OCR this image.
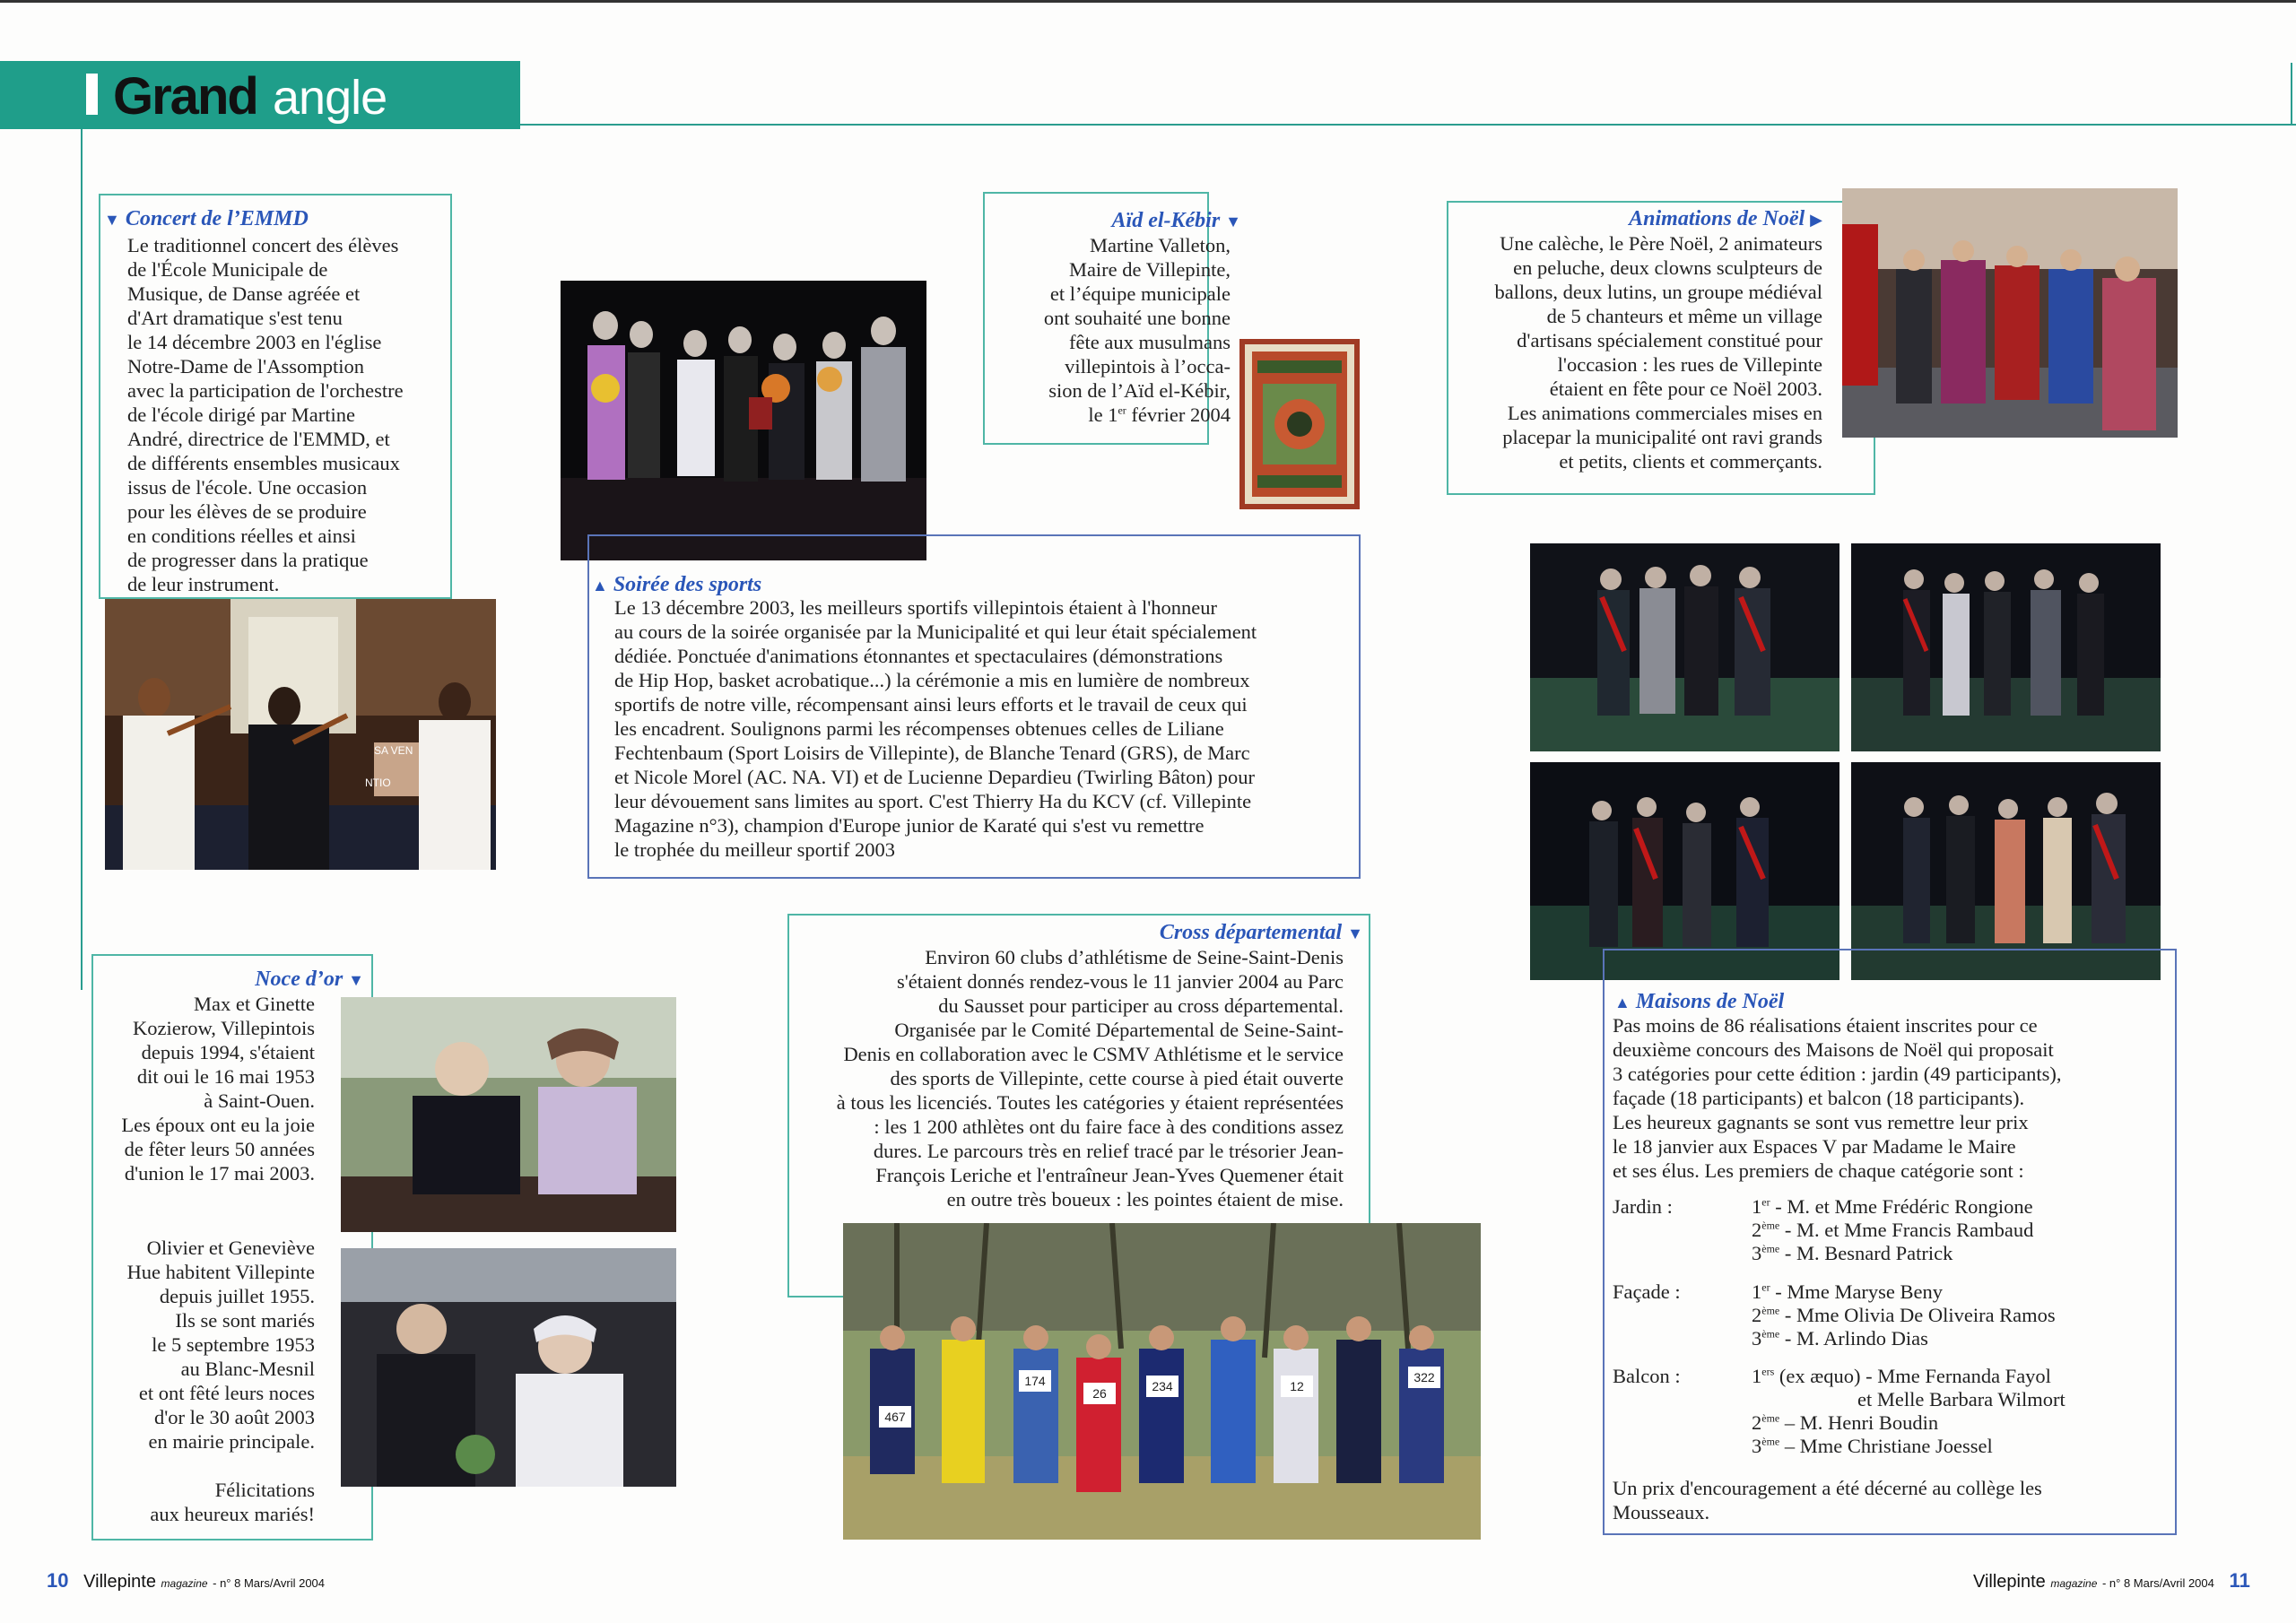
Grand angle
▼ Concert de l’EMMD
Le traditionnel concert des élèves
de l'École Municipale de
Musique, de Danse agréée et
d'Art dramatique s'est tenu
le 14 décembre 2003 en l'église
Notre-Dame de l'Assomption
avec la participation de l'orchestre
de l'école dirigé par Martine
André, directrice de l'EMMD, et
de différents ensembles musicaux
issus de l'école. Une occasion
pour les élèves de se produire
en conditions réelles et ainsi
de progresser dans la pratique
de leur instrument.
SA VEN
NTIO
▲ Soirée des sports
Le 13 décembre 2003, les meilleurs sportifs villepintois étaient à l'honneur
au cours de la soirée organisée par la Municipalité et qui leur était spécialement
dédiée. Ponctuée d'animations étonnantes et spectaculaires (démonstrations
de Hip Hop, basket acrobatique...) la cérémonie a mis en lumière de nombreux
sportifs de notre ville, récompensant ainsi leurs efforts et le travail de ceux qui
les encadrent. Soulignons parmi les récompenses obtenues celles de Liliane
Fechtenbaum (Sport Loisirs de Villepinte), de Blanche Tenard (GRS), de Marc
et Nicole Morel (AC. NA. VI) et de Lucienne Depardieu (Twirling Bâton) pour
leur dévouement sans limites au sport. C'est Thierry Ha du KCV (cf. Villepinte
Magazine n°3), champion d'Europe junior de Karaté qui s'est vu remettre
le trophée du meilleur sportif 2003
Aïd el-Kébir ▼
Martine Valleton,
Maire de Villepinte,
et l’équipe municipale
ont souhaité une bonne
fête aux musulmans
villepintois à l’occa-
sion de l’Aïd el-Kébir,
le 1er février 2004
Animations de Noël ▶
Une calèche, le Père Noël, 2 animateurs
en peluche, deux clowns sculpteurs de
ballons, deux lutins, un groupe médiéval
de 5 chanteurs et même un village
d'artisans spécialement constitué pour
l'occasion : les rues de Villepinte
étaient en fête pour ce Noël 2003.
Les animations commerciales mises en
placepar la municipalité ont ravi grands
et petits, clients et commerçants.
Noce d’or ▼
Max et Ginette
Kozierow, Villepintois
depuis 1994, s'étaient
dit oui le 16 mai 1953
à Saint-Ouen.
Les époux ont eu la joie
de fêter leurs 50 années
d'union le 17 mai 2003.
Olivier et Geneviève
Hue habitent Villepinte
depuis juillet 1955.
Ils se sont mariés
le 5 septembre 1953
au Blanc-Mesnil
et ont fêté leurs noces
d'or le 30 août 2003
en mairie principale.
Félicitations
aux heureux mariés!
Cross départemental ▼
Environ 60 clubs d’athlétisme de Seine-Saint-Denis
s'étaient donnés rendez-vous le 11 janvier 2004 au Parc
du Sausset pour participer au cross départemental.
Organisée par le Comité Départemental de Seine-Saint-
Denis en collaboration avec le CSMV Athlétisme et le service
des sports de Villepinte, cette course à pied était ouverte
à tous les licenciés. Toutes les catégories y étaient représentées
: les 1 200 athlètes ont du faire face à des conditions assez
dures. Le parcours très en relief tracé par le trésorier Jean-
François Leriche et l'entraîneur Jean-Yves Quemener était
en outre très boueux : les pointes étaient de mise.
467
322
234	12
26
174
▲ Maisons de Noël
Pas moins de 86 réalisations étaient inscrites pour ce
deuxième concours des Maisons de Noël qui proposait
3 catégories pour cette édition : jardin (49 participants),
façade (18 participants) et balcon (18 participants).
Les heureux gagnants se sont vus remettre leur prix
le 18 janvier aux Espaces V par Madame le Maire
et ses élus. Les premiers de chaque catégorie sont :
Jardin :	1er - M. et Mme Frédéric Rongione
2ème - M. et Mme Francis Rambaud
3ème - M. Besnard Patrick
Façade :	1er - Mme Maryse Beny
2ème - Mme Olivia De Oliveira Ramos
3ème - M. Arlindo Dias
Balcon :	1ers (ex æquo) - Mme Fernanda Fayol
et Melle Barbara Wilmort
2ème – M. Henri Boudin
3ème – Mme Christiane Joessel
Un prix d'encouragement a été décerné au collège les
Mousseaux.
10 Villepinte magazine - n° 8 Mars/Avril 2004	Villepinte magazine - n° 8 Mars/Avril 2004 11
